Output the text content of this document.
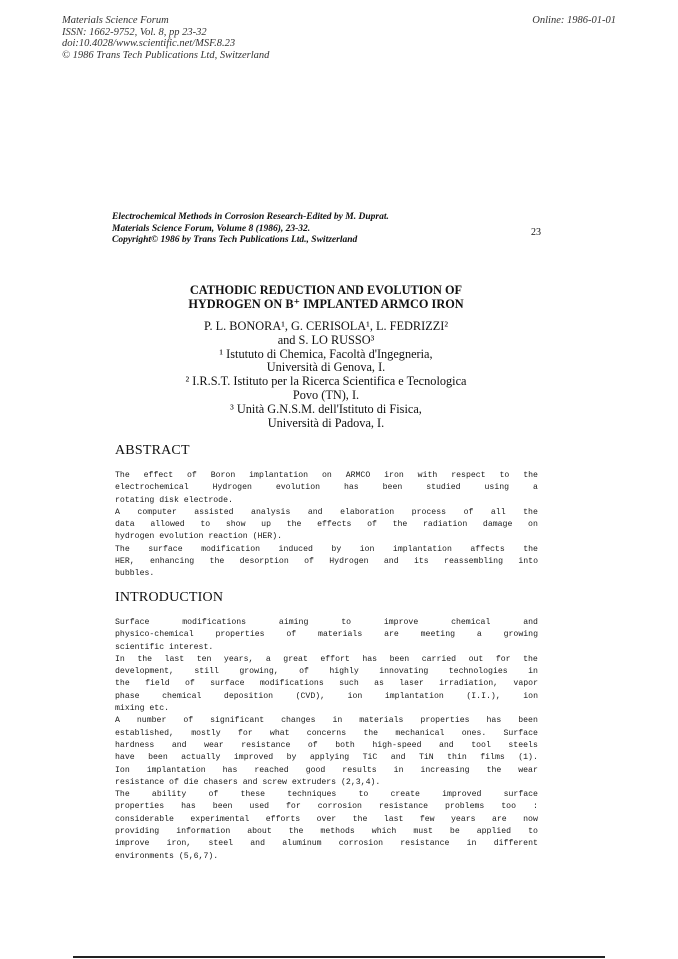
Materials Science Forum
ISSN: 1662-9752, Vol. 8, pp 23-32
doi:10.4028/www.scientific.net/MSF.8.23
© 1986 Trans Tech Publications Ltd, Switzerland
Online: 1986-01-01
Electrochemical Methods in Corrosion Research-Edited by M. Duprat.
Materials Science Forum, Volume 8 (1986), 23-32.
Copyright© 1986 by Trans Tech Publications Ltd., Switzerland
23
CATHODIC REDUCTION AND EVOLUTION OF
HYDROGEN ON B⁺ IMPLANTED ARMCO IRON
P. L. BONORA¹, G. CERISOLA¹, L. FEDRIZZI²
and S. LO RUSSO³
¹ Istututo di Chemica, Facoltà d'Ingegneria,
Università di Genova, I.
² I.R.S.T. Istituto per la Ricerca Scientifica e Tecnologica
Povo (TN), I.
³ Unità G.N.S.M. dell'Istituto di Fisica,
Università di Padova, I.
ABSTRACT
The effect of Boron implantation on ARMCO iron with respect to the
electrochemical	Hydrogen	evolution	has	been	studied	using	a
rotating disk electrode.
A computer assisted analysis and elaboration process of all the
data allowed to show up the effects of the radiation damage on
hydrogen evolution reaction (HER).
The surface modification induced by ion implantation affects the
HER, enhancing the desorption of Hydrogen and its reassembling into
bubbles.
INTRODUCTION
Surface	modifications	aiming	to	improve	chemical	and
physico-chemical	properties	of	materials	are	meeting	a	growing
scientific interest.
In the last ten years, a great effort has been carried out for the
development, still growing, of highly innovating technologies in
the field of surface modifications such as laser irradiation, vapor
phase	chemical	deposition	(CVD),	ion	implantation	(I.I.),	ion
mixing etc.
A number of significant changes in materials properties has been
established, mostly for what concerns the mechanical ones. Surface
hardness and wear resistance of both high-speed and tool steels
have been actually improved by applying TiC and TiN thin films (1).
Ion implantation has reached good results in increasing the wear
resistance of die chasers and screw extruders (2,3,4).
The	ability	of	these	techniques	to	create	improved	surface
properties has been used for corrosion resistance problems too :
considerable experimental efforts over the last few years are now
providing information about the methods which must be applied to
improve iron, steel and aluminum corrosion resistance in different
environments (5,6,7).
